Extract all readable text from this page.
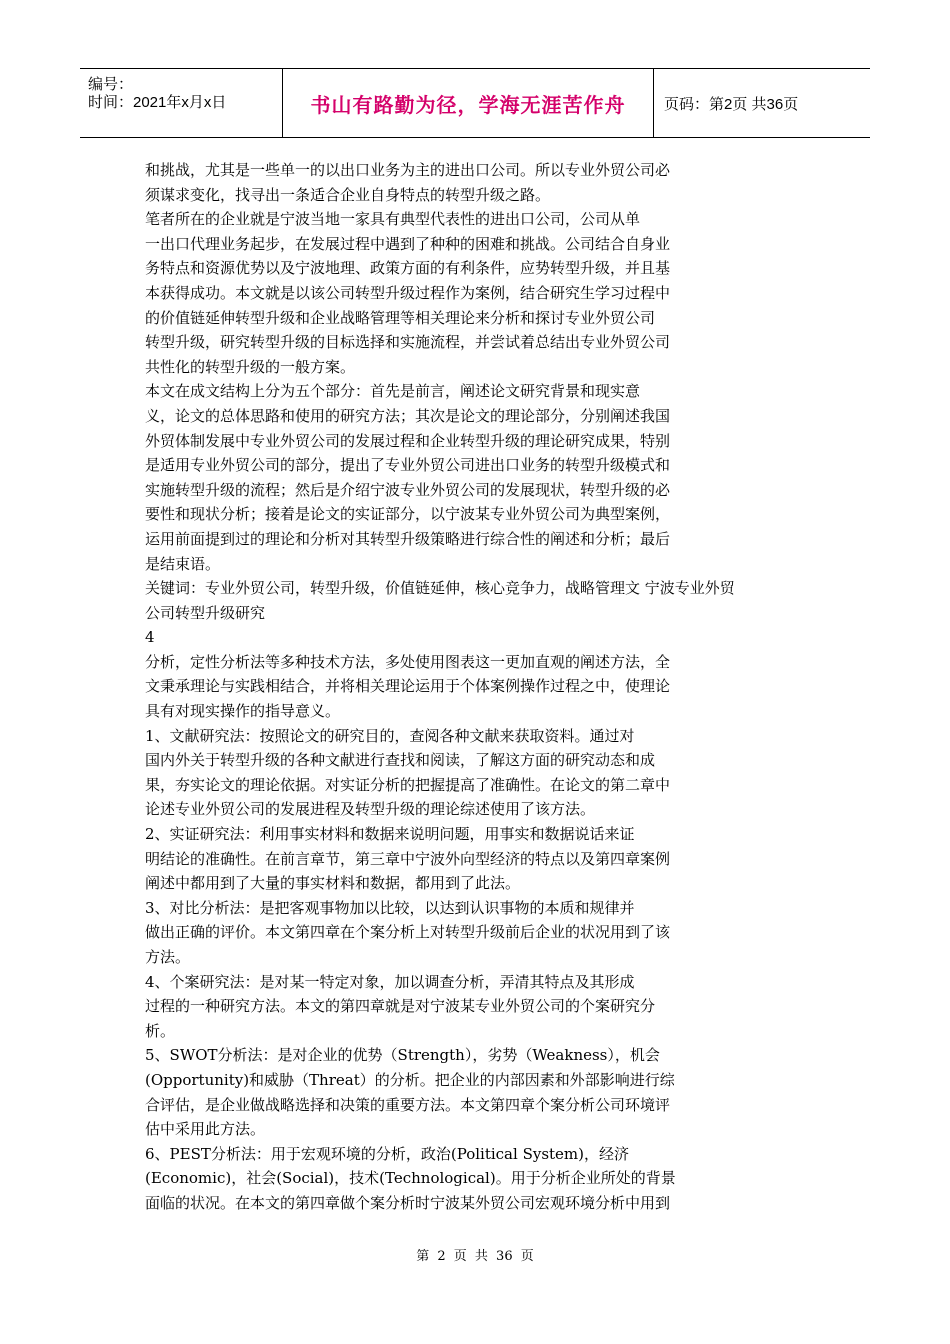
编号：
时间：2021年x月x日	书山有路勤为径，学海无涯苦作舟	页码：第2页 共36页
和挑战，尤其是一些单一的以出口业务为主的进出口公司。所以专业外贸公司必
须谋求变化，找寻出一条适合企业自身特点的转型升级之路。
笔者所在的企业就是宁波当地一家具有典型代表性的进出口公司，公司从单
一出口代理业务起步，在发展过程中遇到了种种的困难和挑战。公司结合自身业
务特点和资源优势以及宁波地理、政策方面的有利条件，应势转型升级，并且基
本获得成功。本文就是以该公司转型升级过程作为案例，结合研究生学习过程中
的价值链延伸转型升级和企业战略管理等相关理论来分析和探讨专业外贸公司
转型升级，研究转型升级的目标选择和实施流程，并尝试着总结出专业外贸公司
共性化的转型升级的一般方案。
本文在成文结构上分为五个部分：首先是前言，阐述论文研究背景和现实意
义，论文的总体思路和使用的研究方法；其次是论文的理论部分，分别阐述我国
外贸体制发展中专业外贸公司的发展过程和企业转型升级的理论研究成果，特别
是适用专业外贸公司的部分，提出了专业外贸公司进出口业务的转型升级模式和
实施转型升级的流程；然后是介绍宁波专业外贸公司的发展现状，转型升级的必
要性和现状分析；接着是论文的实证部分，以宁波某专业外贸公司为典型案例，
运用前面提到过的理论和分析对其转型升级策略进行综合性的阐述和分析；最后
是结束语。
关键词：专业外贸公司，转型升级，价值链延伸，核心竞争力，战略管理文 宁波专业外贸
公司转型升级研究
4
分析，定性分析法等多种技术方法，多处使用图表这一更加直观的阐述方法，全
文秉承理论与实践相结合，并将相关理论运用于个体案例操作过程之中，使理论
具有对现实操作的指导意义。
1、文献研究法：按照论文的研究目的，查阅各种文献来获取资料。通过对
国内外关于转型升级的各种文献进行查找和阅读，了解这方面的研究动态和成
果，夯实论文的理论依据。对实证分析的把握提高了准确性。在论文的第二章中
论述专业外贸公司的发展进程及转型升级的理论综述使用了该方法。
2、实证研究法：利用事实材料和数据来说明问题，用事实和数据说话来证
明结论的准确性。在前言章节，第三章中宁波外向型经济的特点以及第四章案例
阐述中都用到了大量的事实材料和数据，都用到了此法。
3、对比分析法：是把客观事物加以比较，以达到认识事物的本质和规律并
做出正确的评价。本文第四章在个案分析上对转型升级前后企业的状况用到了该
方法。
4、个案研究法：是对某一特定对象，加以调查分析，弄清其特点及其形成
过程的一种研究方法。本文的第四章就是对宁波某专业外贸公司的个案研究分
析。
5、SWOT分析法：是对企业的优势（Strength），劣势（Weakness），机会
(Opportunity)和威胁（Threat）的分析。把企业的内部因素和外部影响进行综
合评估，是企业做战略选择和决策的重要方法。本文第四章个案分析公司环境评
估中采用此方法。
6、PEST分析法：用于宏观环境的分析，政治(Political System)，经济
(Economic)，社会(Social)，技术(Technological)。用于分析企业所处的背景
面临的状况。在本文的第四章做个案分析时宁波某外贸公司宏观环境分析中用到
第 2 页 共 36 页
